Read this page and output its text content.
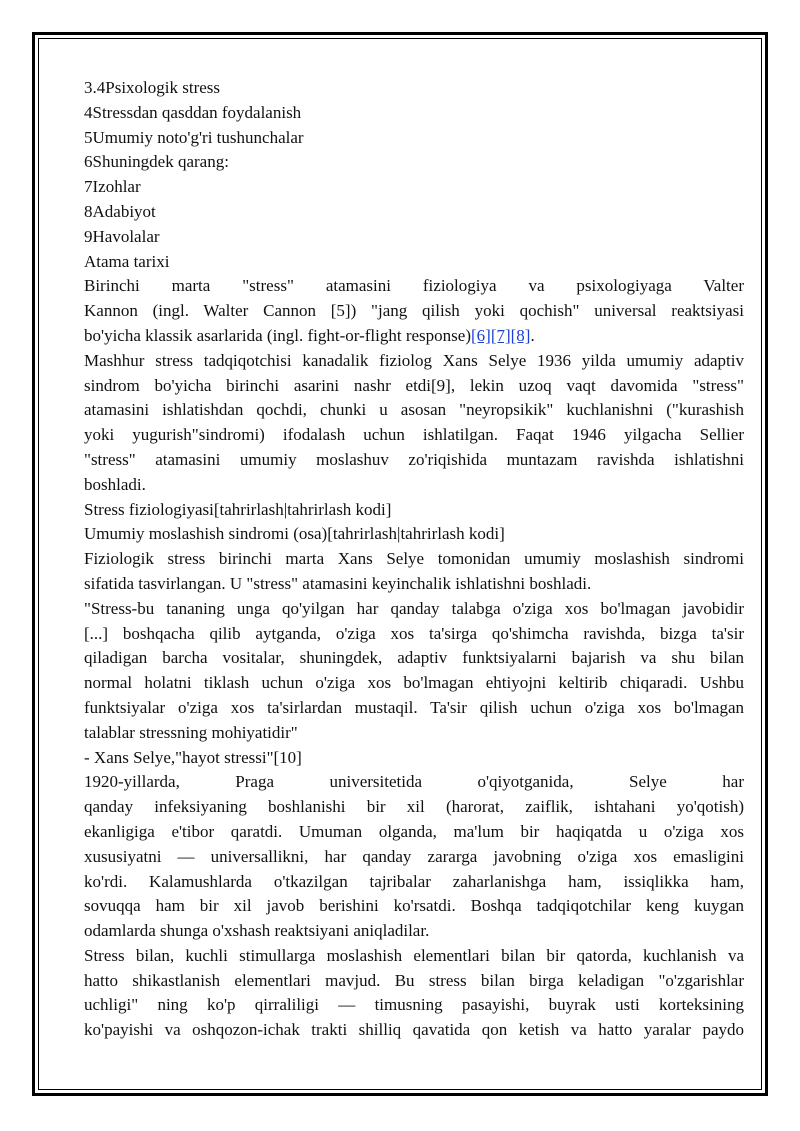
3.4Psixologik stress
4Stressdan qasddan foydalanish
5Umumiy noto'g'ri tushunchalar
6Shuningdek qarang:
7Izohlar
8Adabiyot
9Havolalar
Atama tarixi
Birinchi marta "stress" atamasini fiziologiya va psixologiyaga Valter
Kannon (ingl. Walter Cannon [5]) "jang qilish yoki qochish" universal reaktsiyasi
bo'yicha klassik asarlarida (ingl. fight-or-flight response)[6][7][8].
Mashhur stress tadqiqotchisi kanadalik fiziolog Xans Selye 1936 yilda umumiy adaptiv
sindrom bo'yicha birinchi asarini nashr etdi[9], lekin uzoq vaqt davomida "stress"
atamasini ishlatishdan qochdi, chunki u asosan "neyropsikik" kuchlanishni ("kurashish
yoki yugurish"sindromi) ifodalash uchun ishlatilgan. Faqat 1946 yilgacha Sellier
"stress" atamasini umumiy moslashuv zo'riqishida muntazam ravishda ishlatishni
boshladi.
Stress fiziologiyasi[tahrirlash|tahrirlash kodi]
Umumiy moslashish sindromi (osa)[tahrirlash|tahrirlash kodi]
Fiziologik stress birinchi marta Xans Selye tomonidan umumiy moslashish sindromi
sifatida tasvirlangan. U "stress" atamasini keyinchalik ishlatishni boshladi.
"Stress-bu tananing unga qo'yilgan har qanday talabga o'ziga xos bo'lmagan javobidir
[...] boshqacha qilib aytganda, o'ziga xos ta'sirga qo'shimcha ravishda, bizga ta'sir
qiladigan barcha vositalar, shuningdek, adaptiv funktsiyalarni bajarish va shu bilan
normal holatni tiklash uchun o'ziga xos bo'lmagan ehtiyojni keltirib chiqaradi. Ushbu
funktsiyalar o'ziga xos ta'sirlardan mustaqil. Ta'sir qilish uchun o'ziga xos bo'lmagan
talablar stressning mohiyatidir"
- Xans Selye,"hayot stressi"[10]
1920-yillarda, Praga universitetida o'qiyotganida, Selye har
qanday infeksiyaning boshlanishi bir xil (harorat, zaiflik, ishtahani yo'qotish)
ekanligiga e'tibor qaratdi. Umuman olganda, ma'lum bir haqiqatda u o'ziga xos
xususiyatni — universallikni, har qanday zararga javobning o'ziga xos emasligini
ko'rdi. Kalamushlarda o'tkazilgan tajribalar zaharlanishga ham, issiqlikka ham,
sovuqqa ham bir xil javob berishini ko'rsatdi. Boshqa tadqiqotchilar keng kuygan
odamlarda shunga o'xshash reaktsiyani aniqladilar.
Stress bilan, kuchli stimullarga moslashish elementlari bilan bir qatorda, kuchlanish va
hatto shikastlanish elementlari mavjud. Bu stress bilan birga keladigan "o'zgarishlar
uchligi" ning ko'p qirraliligi — timusning pasayishi, buyrak usti korteksining
ko'payishi va oshqozon-ichak trakti shilliq qavatida qon ketish va hatto yaralar paydo
